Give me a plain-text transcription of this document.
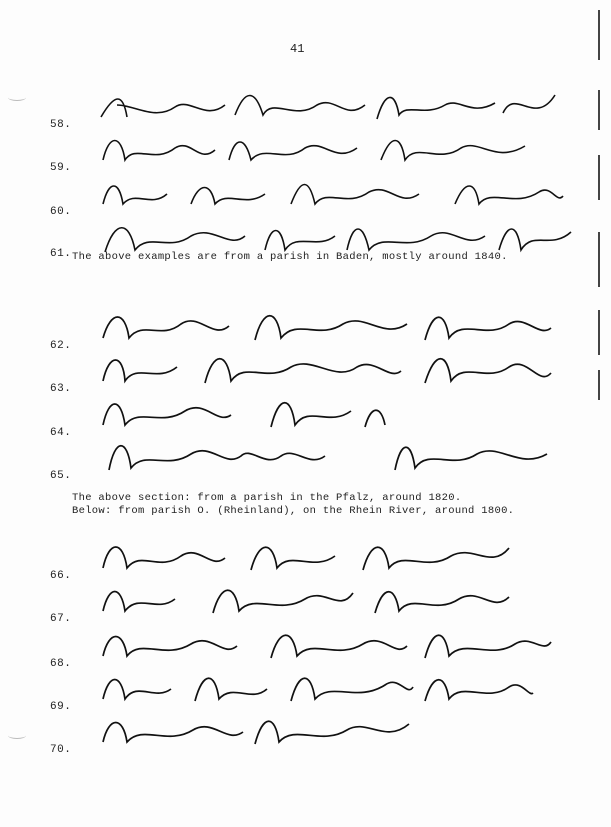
41
58.
59.
60.
61. The above examples are from a parish in Baden, mostly around 1840.
62.
63.
64.
65.
The above section: from a parish in the Pfalz, around 1820.
Below: from parish O. (Rheinland), on the Rhein River, around 1800.
66.
67.
68.
69.
70.
